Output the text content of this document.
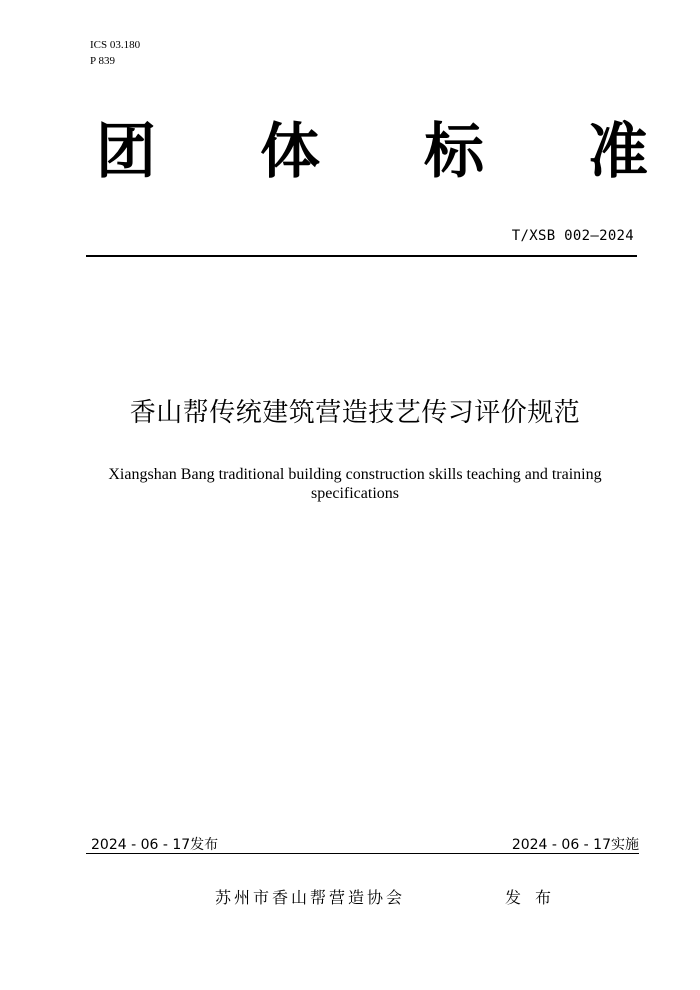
ICS 03.180
P 839
团 体 标 准
T/XSB 002—2024
香山帮传统建筑营造技艺传习评价规范
Xiangshan Bang traditional building construction skills teaching and training specifications
2024 - 06 - 17发布	2024 - 06 - 17实施
苏州市香山帮营造协会	发布
